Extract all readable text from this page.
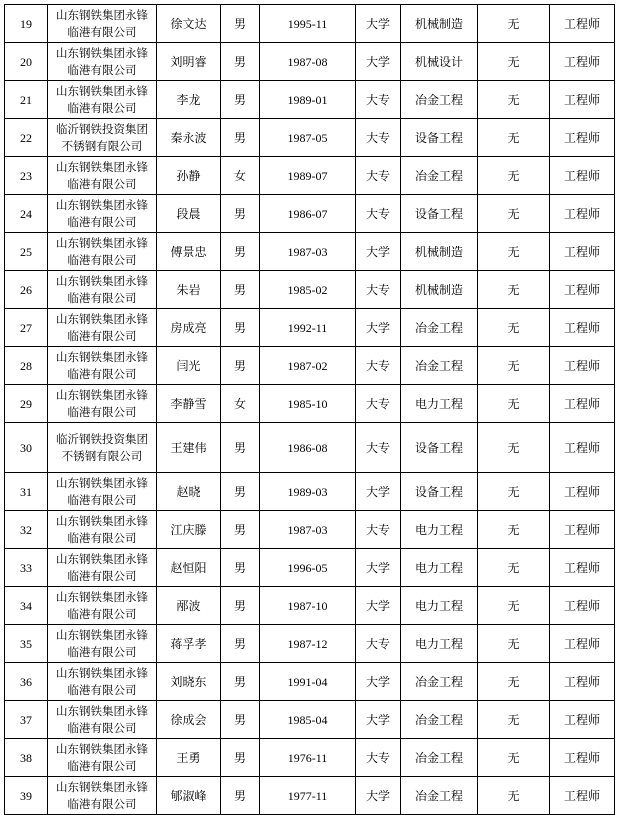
19	山东钢铁集团永锋
临港有限公司	徐文达	男	1995-11	大学	机械制造	无	工程师
20	山东钢铁集团永锋
临港有限公司	刘明睿	男	1987-08	大学	机械设计	无	工程师
21	山东钢铁集团永锋
临港有限公司	李龙	男	1989-01	大专	冶金工程	无	工程师
22	临沂钢铁投资集团
不锈钢有限公司	秦永波	男	1987-05	大专	设备工程	无	工程师
23	山东钢铁集团永锋
临港有限公司	孙静	女	1989-07	大专	冶金工程	无	工程师
24	山东钢铁集团永锋
临港有限公司	段晨	男	1986-07	大专	设备工程	无	工程师
25	山东钢铁集团永锋
临港有限公司	傅景忠	男	1987-03	大学	机械制造	无	工程师
26	山东钢铁集团永锋
临港有限公司	朱岩	男	1985-02	大专	机械制造	无	工程师
27	山东钢铁集团永锋
临港有限公司	房成亮	男	1992-11	大学	冶金工程	无	工程师
28	山东钢铁集团永锋
临港有限公司	闫光	男	1987-02	大专	冶金工程	无	工程师
29	山东钢铁集团永锋
临港有限公司	李静雪	女	1985-10	大专	电力工程	无	工程师
30	临沂钢铁投资集团
不锈钢有限公司	王建伟	男	1986-08	大专	设备工程	无	工程师
31	山东钢铁集团永锋
临港有限公司	赵晓	男	1989-03	大学	设备工程	无	工程师
32	山东钢铁集团永锋
临港有限公司	江庆滕	男	1987-03	大专	电力工程	无	工程师
33	山东钢铁集团永锋
临港有限公司	赵恒阳	男	1996-05	大学	电力工程	无	工程师
34	山东钢铁集团永锋
临港有限公司	邴波	男	1987-10	大学	电力工程	无	工程师
35	山东钢铁集团永锋
临港有限公司	蒋孚孝	男	1987-12	大专	电力工程	无	工程师
36	山东钢铁集团永锋
临港有限公司	刘晓东	男	1991-04	大学	冶金工程	无	工程师
37	山东钢铁集团永锋
临港有限公司	徐成会	男	1985-04	大学	冶金工程	无	工程师
38	山东钢铁集团永锋
临港有限公司	王勇	男	1976-11	大专	冶金工程	无	工程师
39	山东钢铁集团永锋
临港有限公司	郇淑峰	男	1977-11	大学	冶金工程	无	工程师
